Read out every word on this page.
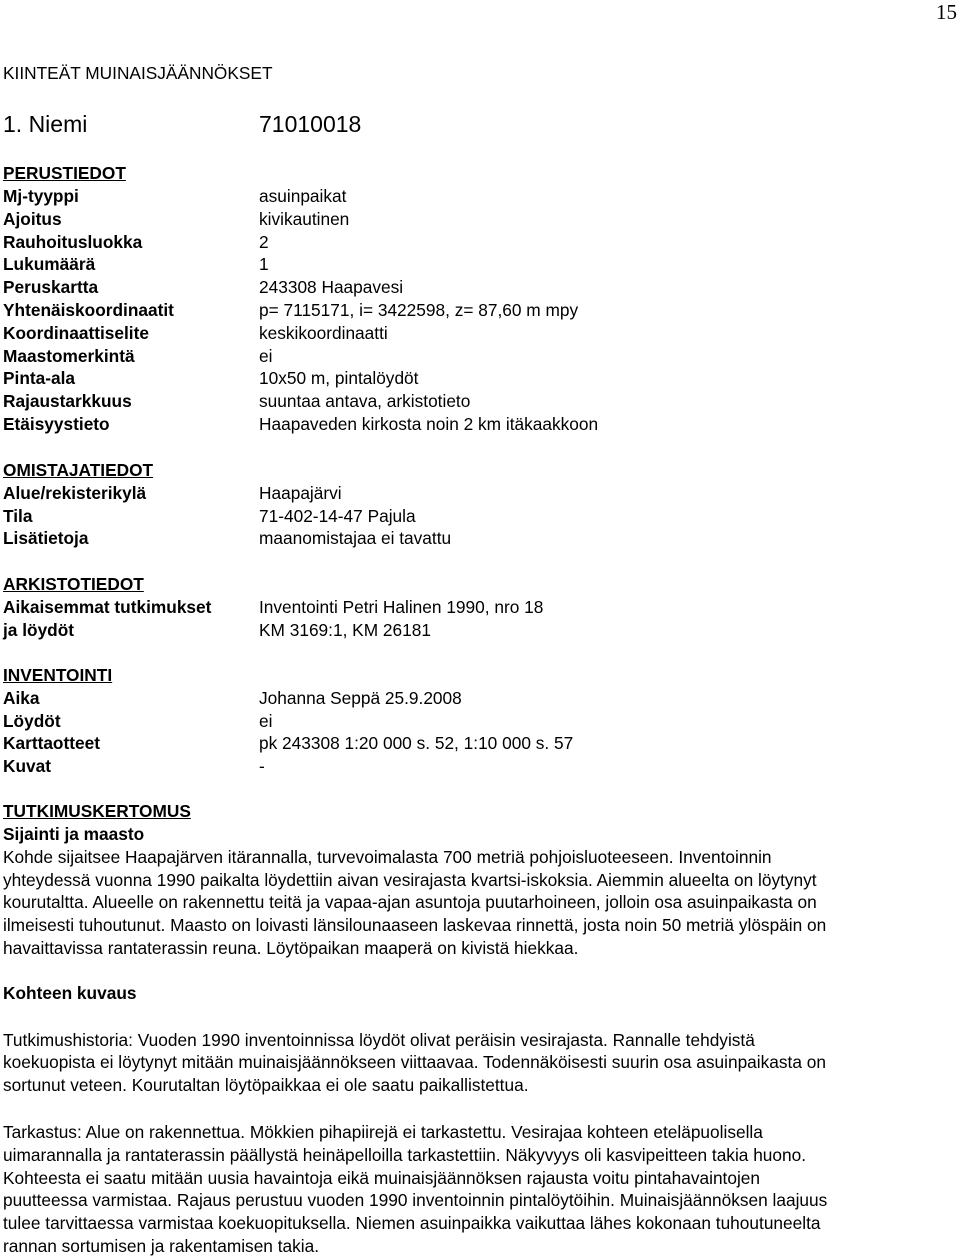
15
KIINTEÄT MUINAISJÄÄNNÖKSET
1. Niemi	71010018
PERUSTIEDOT
Mj-tyyppi	asuinpaikat
Ajoitus	kivikautinen
Rauhoitusluokka	2
Lukumäärä	1
Peruskartta	243308 Haapavesi
Yhtenäiskoordinaatit	p= 7115171, i= 3422598, z= 87,60 m mpy
Koordinaattiselite	keskikoordinaatti
Maastomerkintä	ei
Pinta-ala	10x50 m, pintalöydöt
Rajaustarkkuus	suuntaa antava, arkistotieto
Etäisyystieto	Haapaveden kirkosta noin 2 km itäkaakkoon
OMISTAJATIEDOT
Alue/rekisterikylä	Haapajärvi
Tila	71-402-14-47 Pajula
Lisätietoja	maanomistajaa ei tavattu
ARKISTOTIEDOT
Aikaisemmat tutkimukset	Inventointi Petri Halinen 1990, nro 18
ja löydöt	KM 3169:1, KM 26181
INVENTOINTI
Aika	Johanna Seppä 25.9.2008
Löydöt	ei
Karttaotteet	pk 243308 1:20 000 s. 52, 1:10 000 s. 57
Kuvat	-
TUTKIMUSKERTOMUS
Sijainti ja maasto
Kohde sijaitsee Haapajärven itärannalla, turvevoimalasta 700 metriä pohjoisluoteeseen. Inventoinnin
yhteydessä vuonna 1990 paikalta löydettiin aivan vesirajasta kvartsi-iskoksia. Aiemmin alueelta on löytynyt
kourutaltta. Alueelle on rakennettu teitä ja vapaa-ajan asuntoja puutarhoineen, jolloin osa asuinpaikasta on
ilmeisesti tuhoutunut. Maasto on loivasti länsilounaaseen laskevaa rinnettä, josta noin 50 metriä ylöspäin on
havaittavissa rantaterassin reuna. Löytöpaikan maaperä on kivistä hiekkaa.
Kohteen kuvaus
Tutkimushistoria: Vuoden 1990 inventoinnissa löydöt olivat peräisin vesirajasta. Rannalle tehdyistä
koekuopista ei löytynyt mitään muinaisjäännökseen viittaavaa. Todennäköisesti suurin osa asuinpaikasta on
sortunut veteen. Kourutaltan löytöpaikkaa ei ole saatu paikallistettua.
Tarkastus: Alue on rakennettua. Mökkien pihapiirejä ei tarkastettu. Vesirajaa kohteen eteläpuolisella
uimarannalla ja rantaterassin päällystä heinäpelloilla tarkastettiin. Näkyvyys oli kasvipeitteen takia huono.
Kohteesta ei saatu mitään uusia havaintoja eikä muinaisjäännöksen rajausta voitu pintahavaintojen
puutteessa varmistaa. Rajaus perustuu vuoden 1990 inventoinnin pintalöytöihin. Muinaisjäännöksen laajuus
tulee tarvittaessa varmistaa koekuopituksella. Niemen asuinpaikka vaikuttaa lähes kokonaan tuhoutuneelta
rannan sortumisen ja rakentamisen takia.
